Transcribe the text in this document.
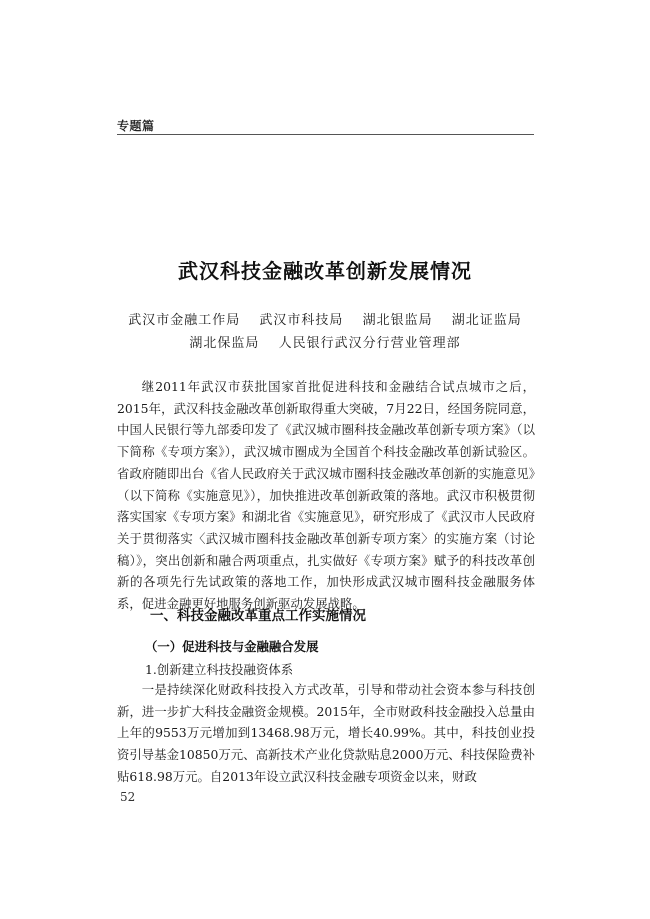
专题篇
武汉科技金融改革创新发展情况
武汉市金融工作局 武汉市科技局 湖北银监局 湖北证监局
湖北保监局 人民银行武汉分行营业管理部

继2011年武汉市获批国家首批促进科技和金融结合试点城市之后，2015年，武汉科技金融改革创新取得重大突破，7月22日，经国务院同意，中国人民银行等九部委印发了《武汉城市圈科技金融改革创新专项方案》（以下简称《专项方案》），武汉城市圈成为全国首个科技金融改革创新试验区。省政府随即出台《省人民政府关于武汉城市圈科技金融改革创新的实施意见》（以下简称《实施意见》），加快推进改革创新政策的落地。武汉市积极贯彻落实国家《专项方案》和湖北省《实施意见》，研究形成了《武汉市人民政府关于贯彻落实〈武汉城市圈科技金融改革创新专项方案〉的实施方案（讨论稿）》，突出创新和融合两项重点，扎实做好《专项方案》赋予的科技改革创新的各项先行先试政策的落地工作，加快形成武汉城市圈科技金融服务体系，促进金融更好地服务创新驱动发展战略。

一、科技金融改革重点工作实施情况
（一）促进科技与金融融合发展
1.创新建立科技投融资体系

一是持续深化财政科技投入方式改革，引导和带动社会资本参与科技创新，进一步扩大科技金融资金规模。2015年，全市财政科技金融投入总量由上年的9553万元增加到13468.98万元，增长40.99%。其中，科技创业投资引导基金10850万元、高新技术产业化贷款贴息2000万元、科技保险费补贴618.98万元。自2013年设立武汉科技金融专项资金以来，财政

52
